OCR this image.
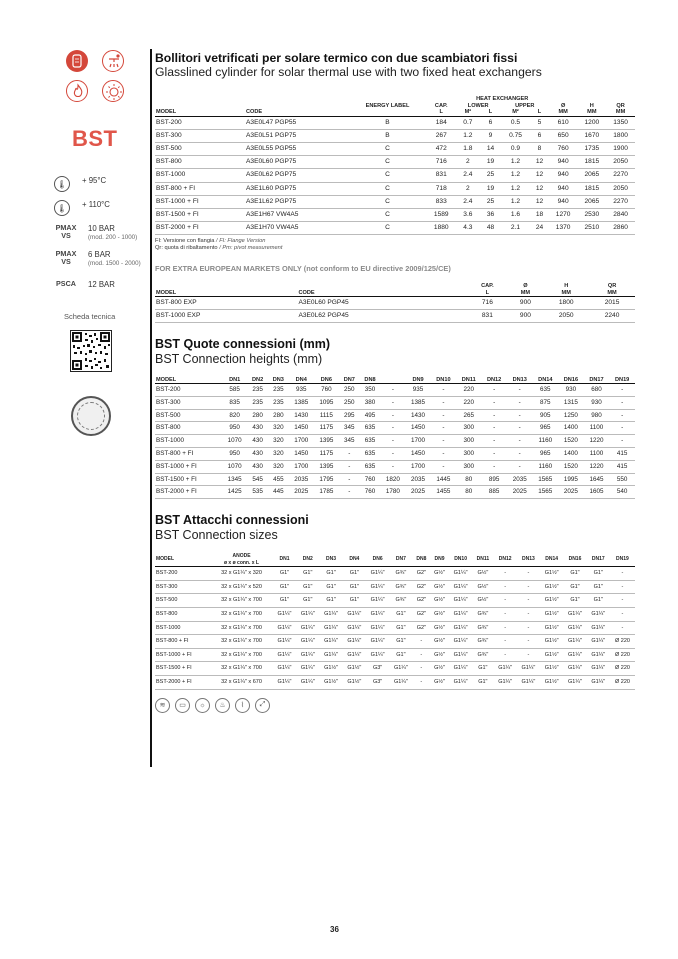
BST
🌡︎	+ 95°C
🌡︎	+ 110°C
PMAX VS
10 BAR
(mod. 200 - 1000)
PMAX VS
6 BAR
(mod. 1500 - 2000)
PSCA 12 BAR
Scheda tecnica
Bollitori vetrificati per solare termico con due scambiatori fissi
Glasslined cylinder for solar thermal use with two fixed heat exchangers
MODEL	CODE	ENERGY LABEL	CAP.	HEAT EXCHANGER				Ø	H	QR
				LOWER		UPPER				
			L	M²	L	M²	L	MM	MM	MM
BST-200	A3E0L47 PGP55	B	184	0.7	6	0.5	5	610	1200	1350
BST-300	A3E0L51 PGP75	B	267	1.2	9	0.75	6	650	1670	1800
BST-500	A3E0L55 PGP55	C	472	1.8	14	0.9	8	760	1735	1900
BST-800	A3E0L60 PGP75	C	716	2	19	1.2	12	940	1815	2050
BST-1000	A3E0L62 PGP75	C	831	2.4	25	1.2	12	940	2065	2270
BST-800 + FI	A3E1L60 PGP75	C	718	2	19	1.2	12	940	1815	2050
BST-1000 + FI	A3E1L62 PGP75	C	833	2.4	25	1.2	12	940	2065	2270
BST-1500 + FI	A3E1H67 VW4A5	C	1589	3.6	36	1.6	18	1270	2530	2840
BST-2000 + FI	A3E1H70 VW4A5	C	1880	4.3	48	2.1	24	1370	2510	2860
FI: Versione con flangia / FI: Flange Version
Qr: quota di ribaltamento / Pm: pivot measurement
FOR EXTRA EUROPEAN MARKETS ONLY (not conform to EU directive 2009/125/CE)
MODEL	CODE	CAP.	Ø	H	QR
		L	MM	MM	MM
BST-800 EXP	A3E0L60 PGP45	716	900	1800	2015
BST-1000 EXP	A3E0L62 PGP45	831	900	2050	2240
BST Quote connessioni (mm)
BST Connection heights (mm)
MODEL	DN1	DN2	DN3	DN4	DN6	DN7	DN8		DN9	DN10	DN11	DN12	DN13	DN14	DN16	DN17	DN19
BST-200	585	235	235	935	760	250	350	-	935	-	220	-	-	635	930	680	-
BST-300	835	235	235	1385	1095	250	380	-	1385	-	220	-	-	875	1315	930	-
BST-500	820	280	280	1430	1115	295	495	-	1430	-	265	-	-	905	1250	980	-
BST-800	950	430	320	1450	1175	345	635	-	1450	-	300	-	-	965	1400	1100	-
BST-1000	1070	430	320	1700	1395	345	635	-	1700	-	300	-	-	1160	1520	1220	-
BST-800 + FI	950	430	320	1450	1175	-	635	-	1450	-	300	-	-	965	1400	1100	415
BST-1000 + FI	1070	430	320	1700	1395	-	635	-	1700	-	300	-	-	1160	1520	1220	415
BST-1500 + FI	1345	545	455	2035	1795	-	760	1820	2035	1445	80	895	2035	1565	1995	1645	550
BST-2000 + FI	1425	535	445	2025	1785	-	760	1780	2025	1455	80	885	2025	1565	2025	1605	540
BST Attacchi connessioni
BST Connection sizes
MODEL	ANODE
ø x ø conn. x L	DN1	DN2	DN3	DN4	DN6	DN7	DN8	DN9	DN10	DN11	DN12	DN13	DN14	DN16	DN17	DN19
BST-200	32 x G1¼" x 320	G1"	G1"	G1"	G1"	G1¼"	G¾"	G2"	G½"	G1¼"	G½"	-	-	G1½"	G1"	G1"	-
BST-300	32 x G1¼" x 520	G1"	G1"	G1"	G1"	G1¼"	G¾"	G2"	G½"	G1¼"	G½"	-	-	G1½"	G1"	G1"	-
BST-500	32 x G1¼" x 700	G1"	G1"	G1"	G1"	G1¼"	G¾"	G2"	G½"	G1¼"	G½"	-	-	G1½"	G1"	G1"	-
BST-800	32 x G1¼" x 700	G1¼"	G1¼"	G1¼"	G1¼"	G1¼"	G1"	G2"	G½"	G1¼"	G¾"	-	-	G1½"	G1¼"	G1¼"	-
BST-1000	32 x G1¼" x 700	G1¼"	G1¼"	G1¼"	G1¼"	G1¼"	G1"	G2"	G½"	G1¼"	G¾"	-	-	G1½"	G1¼"	G1¼"	-
BST-800 + FI	32 x G1¼" x 700	G1¼"	G1¼"	G1¼"	G1¼"	G1¼"	G1"	-	G½"	G1¼"	G¾"	-	-	G1½"	G1¼"	G1¼"	Ø 220
BST-1000 + FI	32 x G1¼" x 700	G1¼"	G1¼"	G1¼"	G1¼"	G1¼"	G1"	-	G½"	G1¼"	G¾"	-	-	G1½"	G1¼"	G1¼"	Ø 220
BST-1500 + FI	32 x G1¼" x 700	G1¼"	G1¼"	G1½"	G1½"	G3"	G1¼"	-	G½"	G1¼"	G1"	G1¼"	G1¼"	G1½"	G1¼"	G1¼"	Ø 220
BST-2000 + FI	32 x G1¼" x 670	G1¼"	G1¼"	G1½"	G1½"	G3"	G1¼"	-	G½"	G1¼"	G1"	G1¼"	G1¼"	G1½"	G1¼"	G1¼"	Ø 220
≋	▭	☼	♨	⌇	⤢
36
